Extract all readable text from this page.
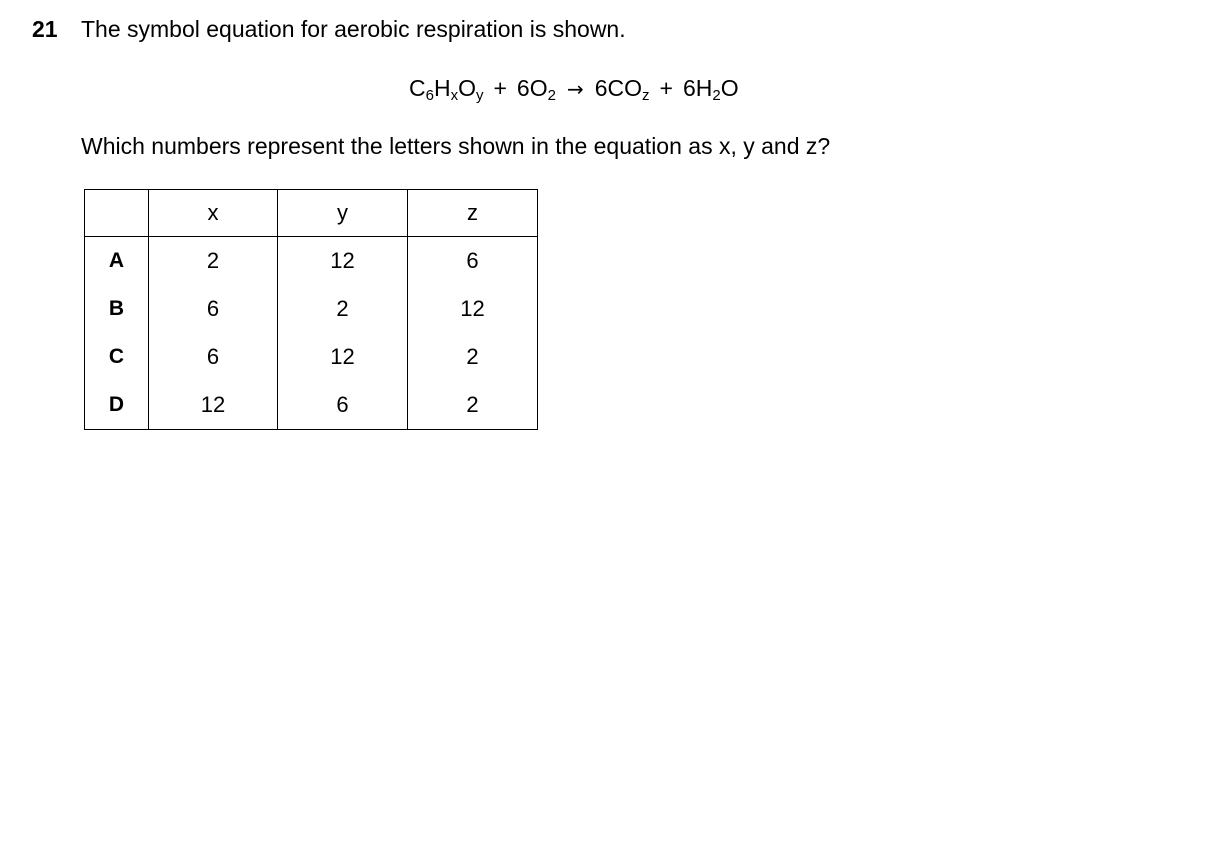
21 The symbol equation for aerobic respiration is shown.
$C_6H_xO_y + 6O_2 \to 6CO_z + 6H_2O$
Which numbers represent the letters shown in the equation as x, y and z?
	x	y	z
A	2	12	6
B	6	2	12
C	6	12	2
D	12	6	2
